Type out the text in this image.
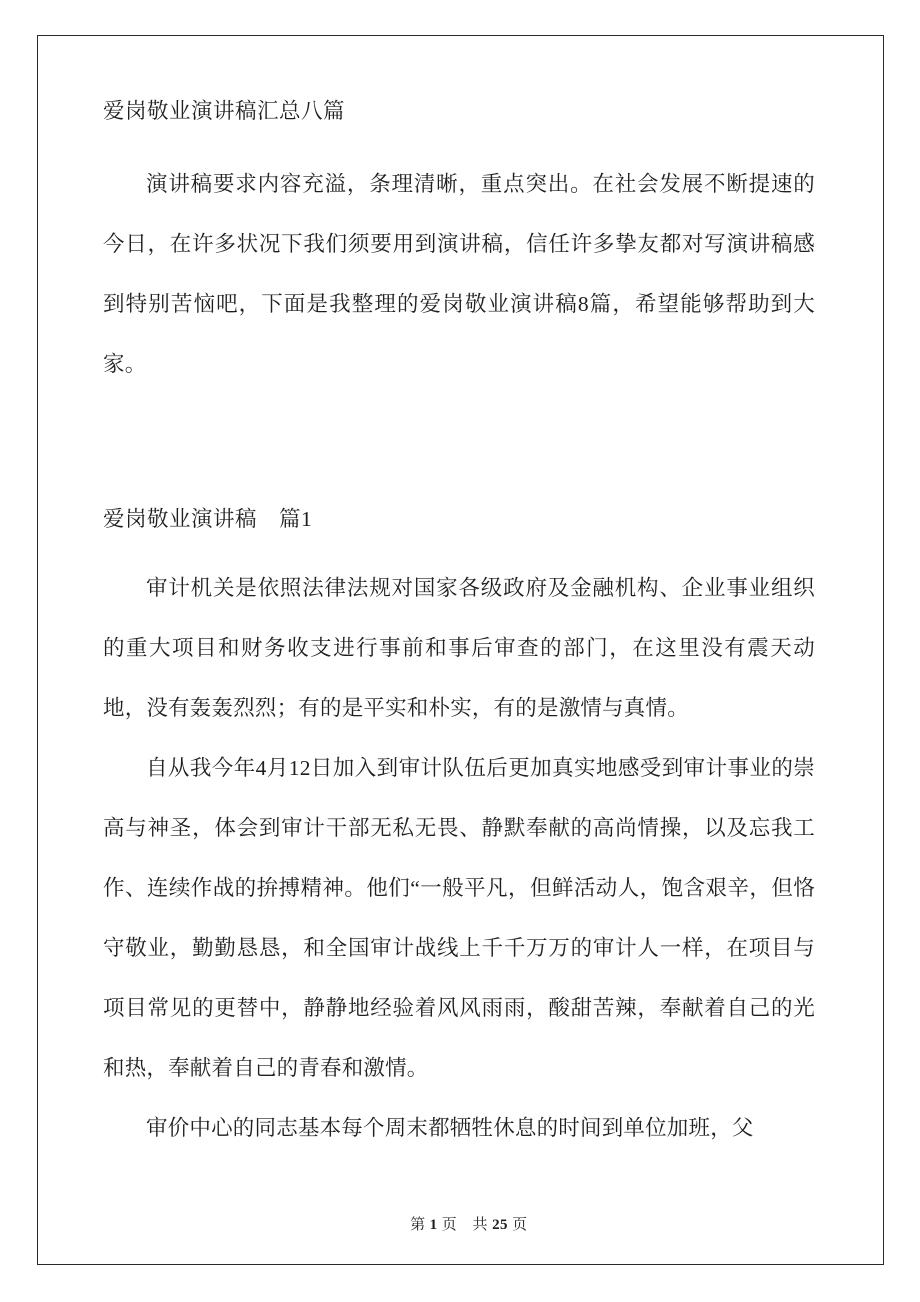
爱岗敬业演讲稿汇总八篇

演讲稿要求内容充溢，条理清晰，重点突出。在社会发展不断提速的今日，在许多状况下我们须要用到演讲稿，信任许多挚友都对写演讲稿感到特别苦恼吧，下面是我整理的爱岗敬业演讲稿8篇，希望能够帮助到大家。

爱岗敬业演讲稿　篇1

审计机关是依照法律法规对国家各级政府及金融机构、企业事业组织的重大项目和财务收支进行事前和事后审查的部门，在这里没有震天动地，没有轰轰烈烈；有的是平实和朴实，有的是激情与真情。

自从我今年4月12日加入到审计队伍后更加真实地感受到审计事业的崇高与神圣，体会到审计干部无私无畏、静默奉献的高尚情操，以及忘我工作、连续作战的拚搏精神。他们“一般平凡，但鲜活动人，饱含艰辛，但恪守敬业，勤勤恳恳，和全国审计战线上千千万万的审计人一样，在项目与项目常见的更替中，静静地经验着风风雨雨，酸甜苦辣，奉献着自己的光和热，奉献着自己的青春和激情。

审价中心的同志基本每个周末都牺牲休息的时间到单位加班，父

第 1 页　 共 25 页
